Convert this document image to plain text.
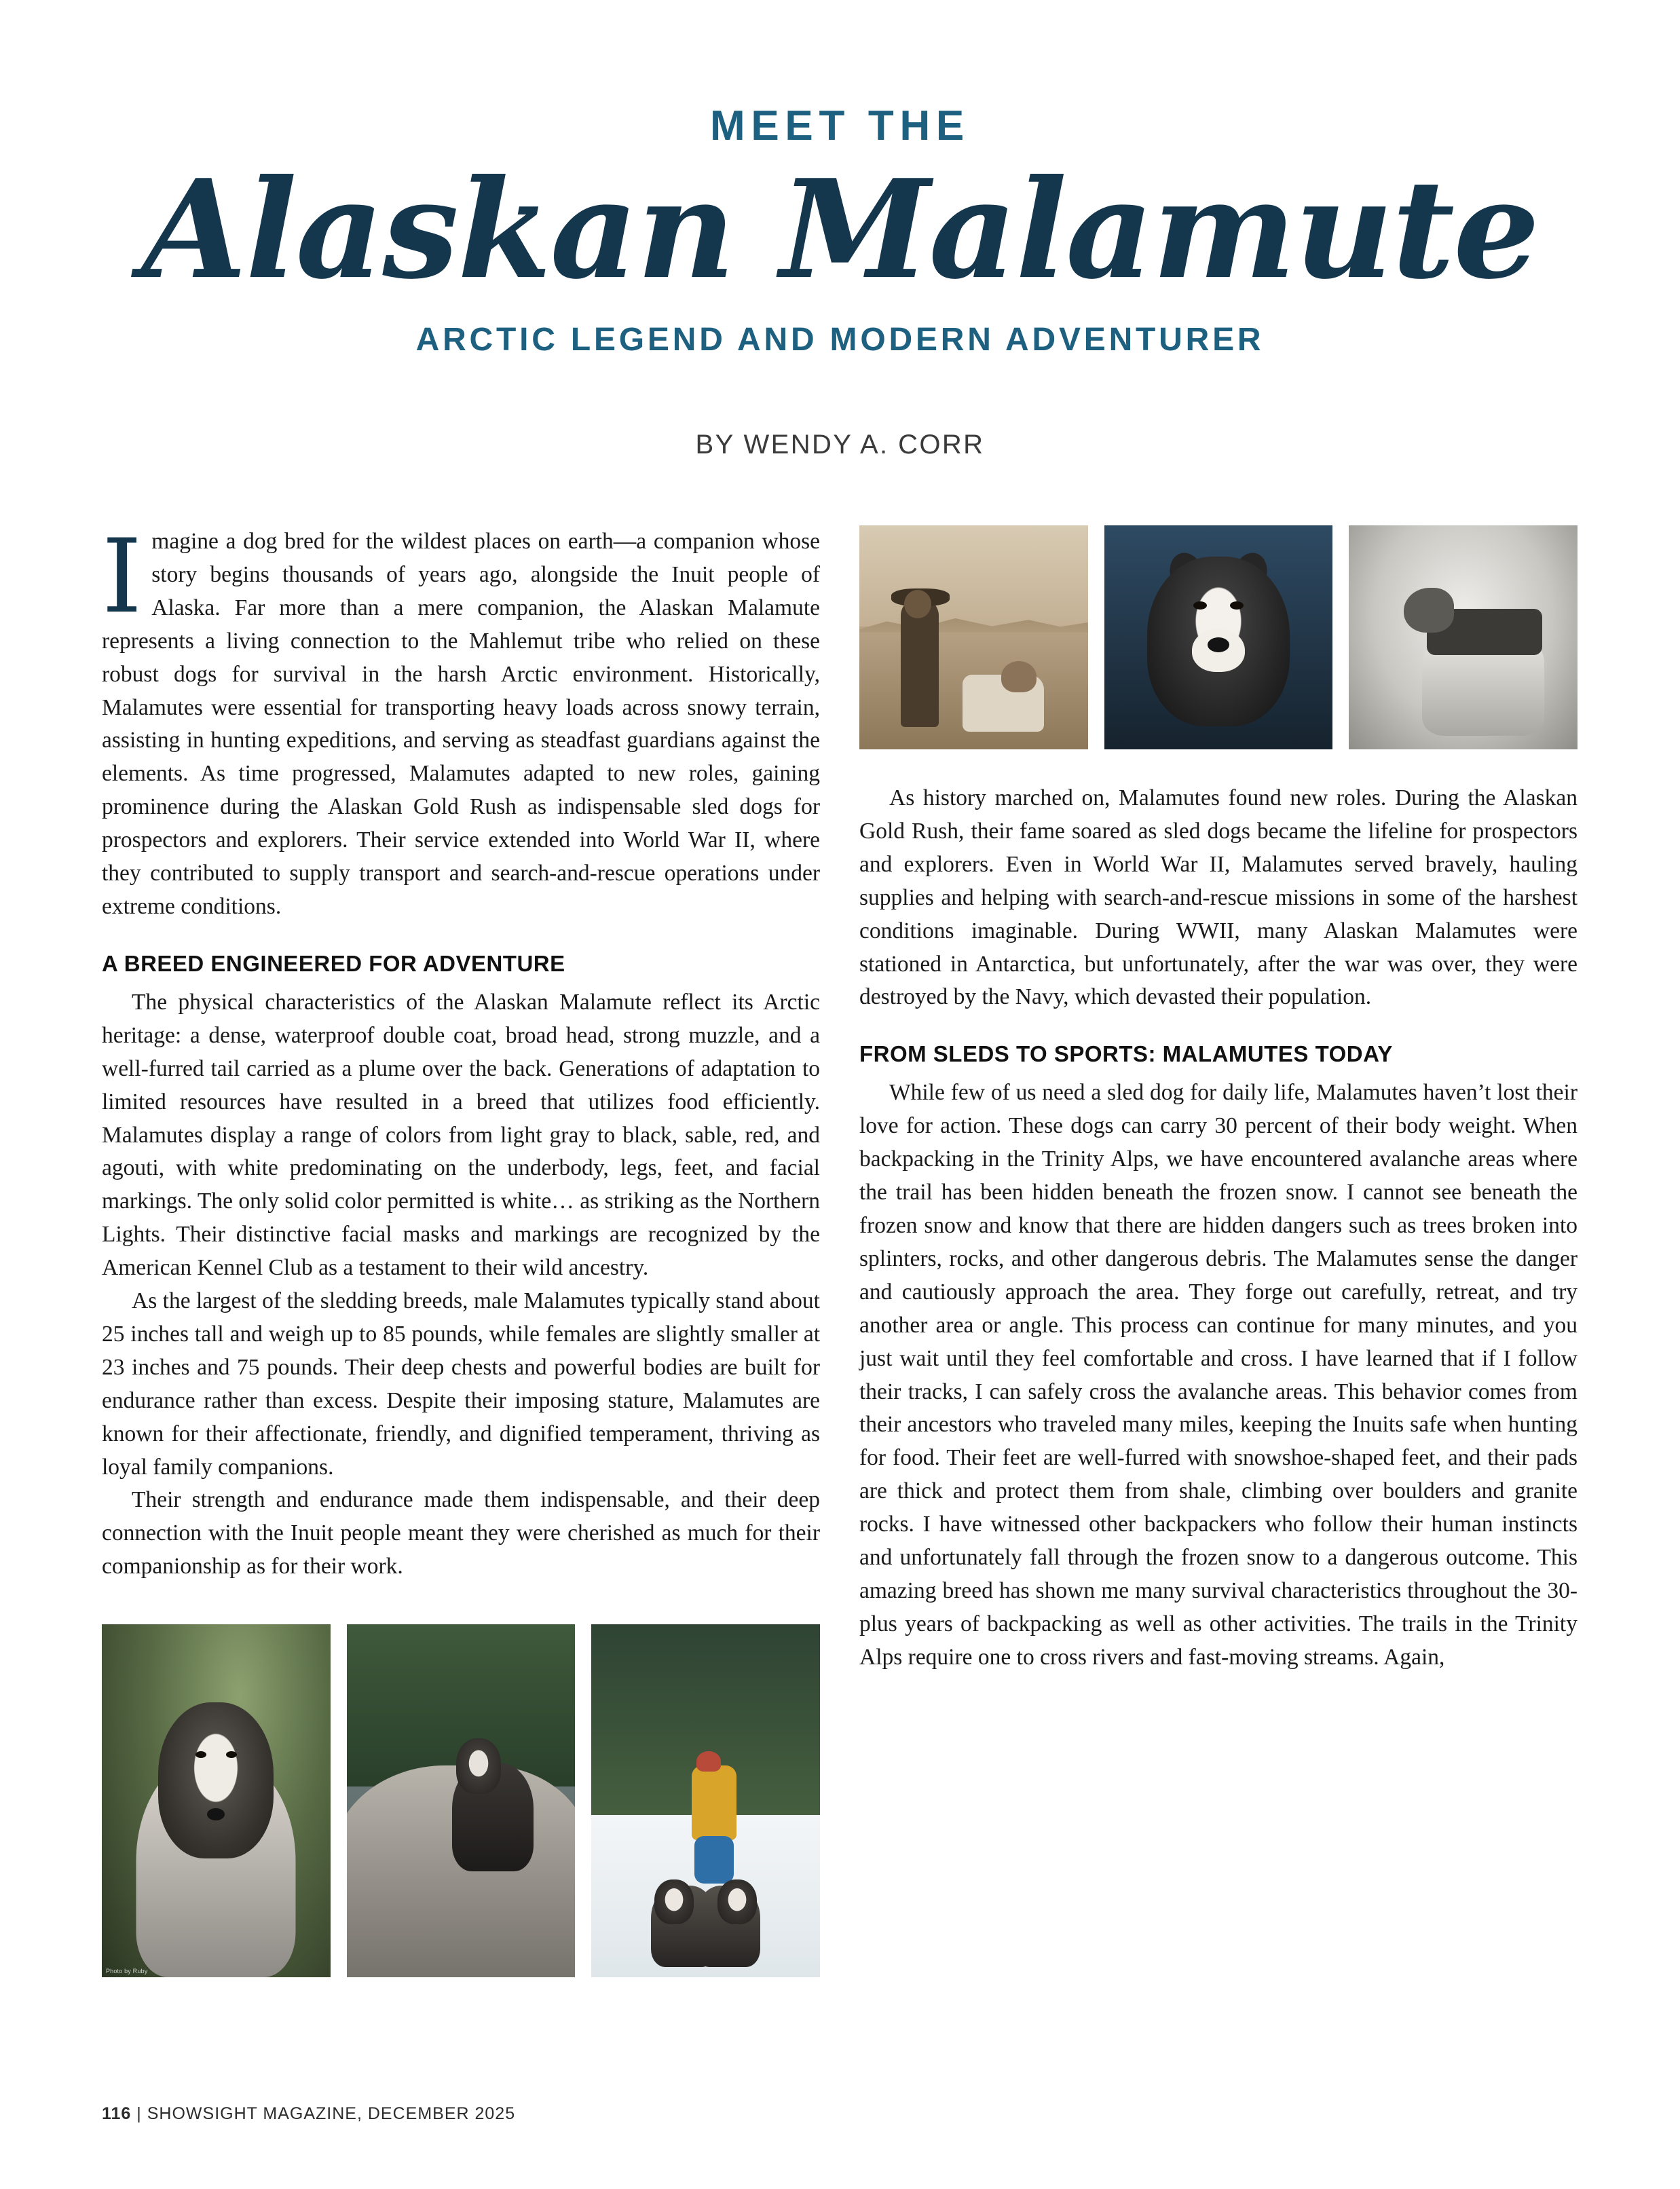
MEET THE
Alaskan Malamute
ARCTIC LEGEND AND MODERN ADVENTURER
BY WENDY A. CORR

Imagine a dog bred for the wildest places on earth—a companion whose story begins thousands of years ago, alongside the Inuit people of Alaska. Far more than a mere companion, the Alaskan Malamute represents a living connection to the Mahlemut tribe who relied on these robust dogs for survival in the harsh Arctic environment. Historically, Malamutes were essential for transporting heavy loads across snowy terrain, assisting in hunting expeditions, and serving as steadfast guardians against the elements. As time progressed, Malamutes adapted to new roles, gaining prominence during the Alaskan Gold Rush as indispensable sled dogs for prospectors and explorers. Their service extended into World War II, where they contributed to supply transport and search-and-rescue operations under extreme conditions.

A BREED ENGINEERED FOR ADVENTURE

The physical characteristics of the Alaskan Malamute reflect its Arctic heritage: a dense, waterproof double coat, broad head, strong muzzle, and a well-furred tail carried as a plume over the back. Generations of adaptation to limited resources have resulted in a breed that utilizes food efficiently. Malamutes display a range of colors from light gray to black, sable, red, and agouti, with white predominating on the underbody, legs, feet, and facial markings. The only solid color permitted is white… as striking as the Northern Lights. Their distinctive facial masks and markings are recognized by the American Kennel Club as a testament to their wild ancestry.

As the largest of the sledding breeds, male Malamutes typically stand about 25 inches tall and weigh up to 85 pounds, while females are slightly smaller at 23 inches and 75 pounds. Their deep chests and powerful bodies are built for endurance rather than excess. Despite their imposing stature, Malamutes are known for their affectionate, friendly, and dignified temperament, thriving as loyal family companions.

Their strength and endurance made them indispensable, and their deep connection with the Inuit people meant they were cherished as much for their companionship as for their work.

Photo by Ruby

As history marched on, Malamutes found new roles. During the Alaskan Gold Rush, their fame soared as sled dogs became the lifeline for prospectors and explorers. Even in World War II, Malamutes served bravely, hauling supplies and helping with search-and-rescue missions in some of the harshest conditions imaginable. During WWII, many Alaskan Malamutes were stationed in Antarctica, but unfortunately, after the war was over, they were destroyed by the Navy, which devasted their population.

FROM SLEDS TO SPORTS: MALAMUTES TODAY

While few of us need a sled dog for daily life, Malamutes haven’t lost their love for action. These dogs can carry 30 percent of their body weight. When backpacking in the Trinity Alps, we have encountered avalanche areas where the trail has been hidden beneath the frozen snow. I cannot see beneath the frozen snow and know that there are hidden dangers such as trees broken into splinters, rocks, and other dangerous debris. The Malamutes sense the danger and cautiously approach the area. They forge out carefully, retreat, and try another area or angle. This process can continue for many minutes, and you just wait until they feel comfortable and cross. I have learned that if I follow their tracks, I can safely cross the avalanche areas. This behavior comes from their ancestors who traveled many miles, keeping the Inuits safe when hunting for food. Their feet are well-furred with snowshoe-shaped feet, and their pads are thick and protect them from shale, climbing over boulders and granite rocks. I have witnessed other backpackers who follow their human instincts and unfortunately fall through the frozen snow to a dangerous outcome. This amazing breed has shown me many survival characteristics throughout the 30-plus years of backpacking as well as other activities. The trails in the Trinity Alps require one to cross rivers and fast-moving streams. Again,

116 | SHOWSIGHT MAGAZINE, DECEMBER 2025
